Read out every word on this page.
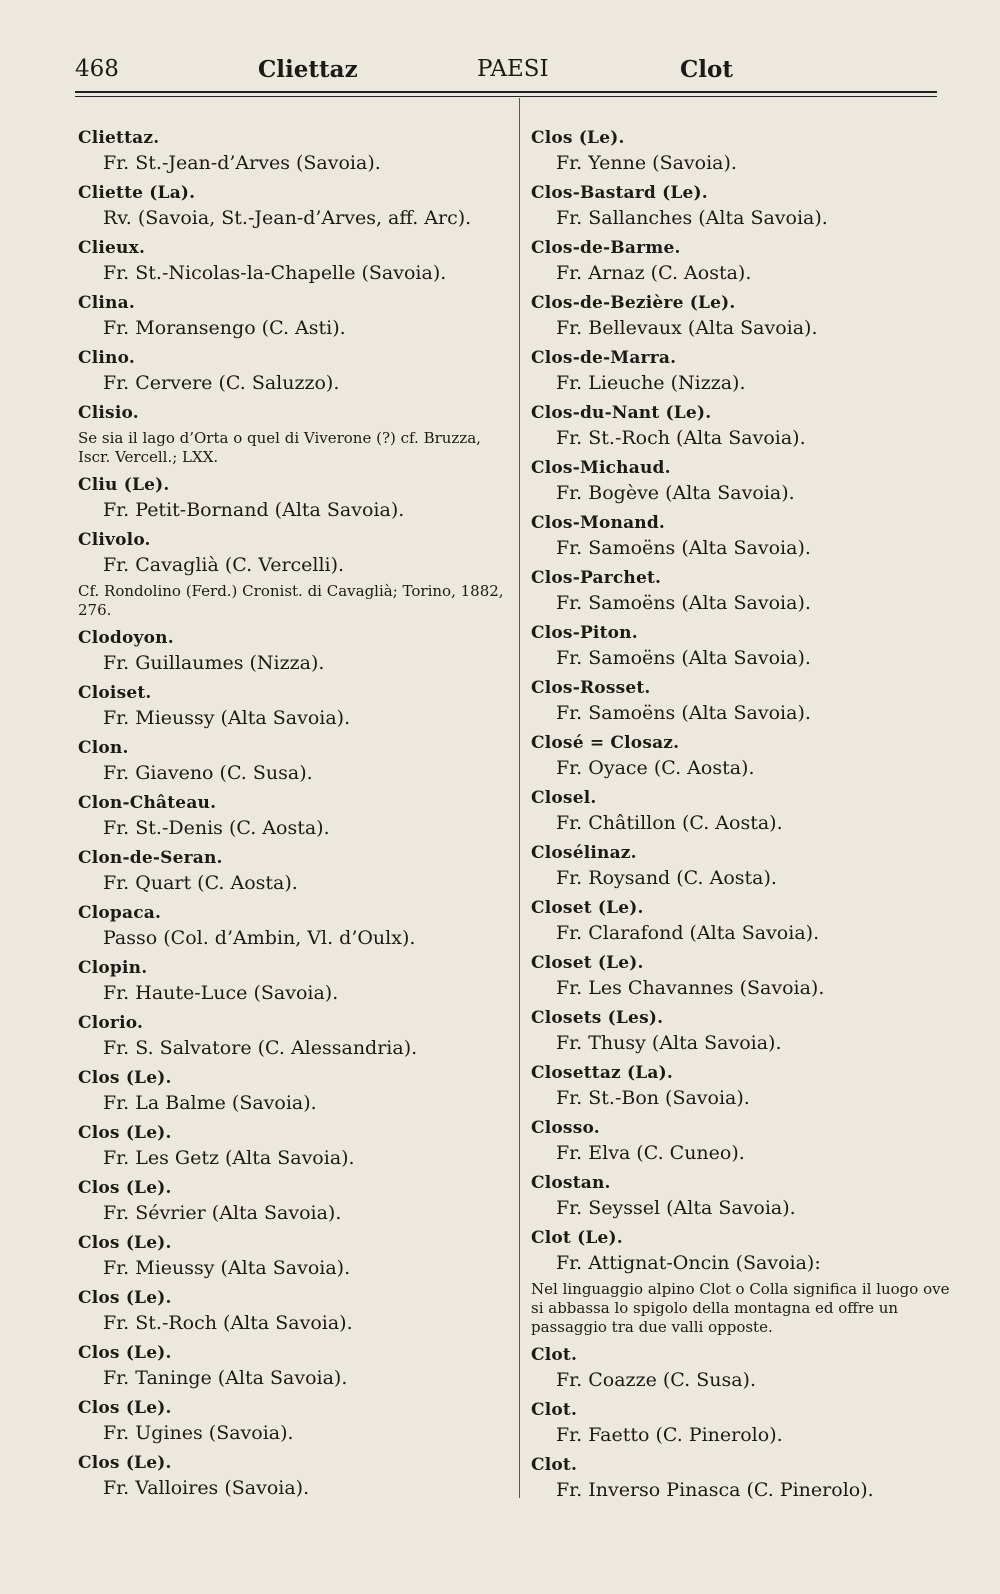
468	Cliettaz	PAESI	Clot
Cliettaz.
Fr. St.-Jean-d’Arves (Savoia).
Cliette (La).
Rv. (Savoia, St.-Jean-d’Arves, aff. Arc).
Clieux.
Fr. St.-Nicolas-la-Chapelle (Savoia).
Clina.
Fr. Moransengo (C. Asti).
Clino.
Fr. Cervere (C. Saluzzo).
Clisio.
Se sia il lago d’Orta o quel di Viverone (?) cf. Bruzza, Iscr. Vercell.; LXX.
Cliu (Le).
Fr. Petit-Bornand (Alta Savoia).
Clivolo.
Fr. Cavaglià (C. Vercelli).
Cf. Rondolino (Ferd.) Cronist. di Cavaglià; Torino, 1882, 276.
Clodoyon.
Fr. Guillaumes (Nizza).
Cloiset.
Fr. Mieussy (Alta Savoia).
Clon.
Fr. Giaveno (C. Susa).
Clon-Château.
Fr. St.-Denis (C. Aosta).
Clon-de-Seran.
Fr. Quart (C. Aosta).
Clopaca.
Passo (Col. d’Ambin, Vl. d’Oulx).
Clopin.
Fr. Haute-Luce (Savoia).
Clorio.
Fr. S. Salvatore (C. Alessandria).
Clos (Le).
Fr. La Balme (Savoia).
Clos (Le).
Fr. Les Getz (Alta Savoia).
Clos (Le).
Fr. Sévrier (Alta Savoia).
Clos (Le).
Fr. Mieussy (Alta Savoia).
Clos (Le).
Fr. St.-Roch (Alta Savoia).
Clos (Le).
Fr. Taninge (Alta Savoia).
Clos (Le).
Fr. Ugines (Savoia).
Clos (Le).
Fr. Valloires (Savoia).
Clos (Le).
Fr. Yenne (Savoia).
Clos-Bastard (Le).
Fr. Sallanches (Alta Savoia).
Clos-de-Barme.
Fr. Arnaz (C. Aosta).
Clos-de-Bezière (Le).
Fr. Bellevaux (Alta Savoia).
Clos-de-Marra.
Fr. Lieuche (Nizza).
Clos-du-Nant (Le).
Fr. St.-Roch (Alta Savoia).
Clos-Michaud.
Fr. Bogève (Alta Savoia).
Clos-Monand.
Fr. Samoëns (Alta Savoia).
Clos-Parchet.
Fr. Samoëns (Alta Savoia).
Clos-Piton.
Fr. Samoëns (Alta Savoia).
Clos-Rosset.
Fr. Samoëns (Alta Savoia).
Closé = Closaz.
Fr. Oyace (C. Aosta).
Closel.
Fr. Châtillon (C. Aosta).
Closélinaz.
Fr. Roysand (C. Aosta).
Closet (Le).
Fr. Clarafond (Alta Savoia).
Closet (Le).
Fr. Les Chavannes (Savoia).
Closets (Les).
Fr. Thusy (Alta Savoia).
Closettaz (La).
Fr. St.-Bon (Savoia).
Closso.
Fr. Elva (C. Cuneo).
Clostan.
Fr. Seyssel (Alta Savoia).
Clot (Le).
Fr. Attignat-Oncin (Savoia):
Nel linguaggio alpino Clot o Colla significa il luogo ove si abbassa lo spigolo della montagna ed offre un passaggio tra due valli opposte.
Clot.
Fr. Coazze (C. Susa).
Clot.
Fr. Faetto (C. Pinerolo).
Clot.
Fr. Inverso Pinasca (C. Pinerolo).
